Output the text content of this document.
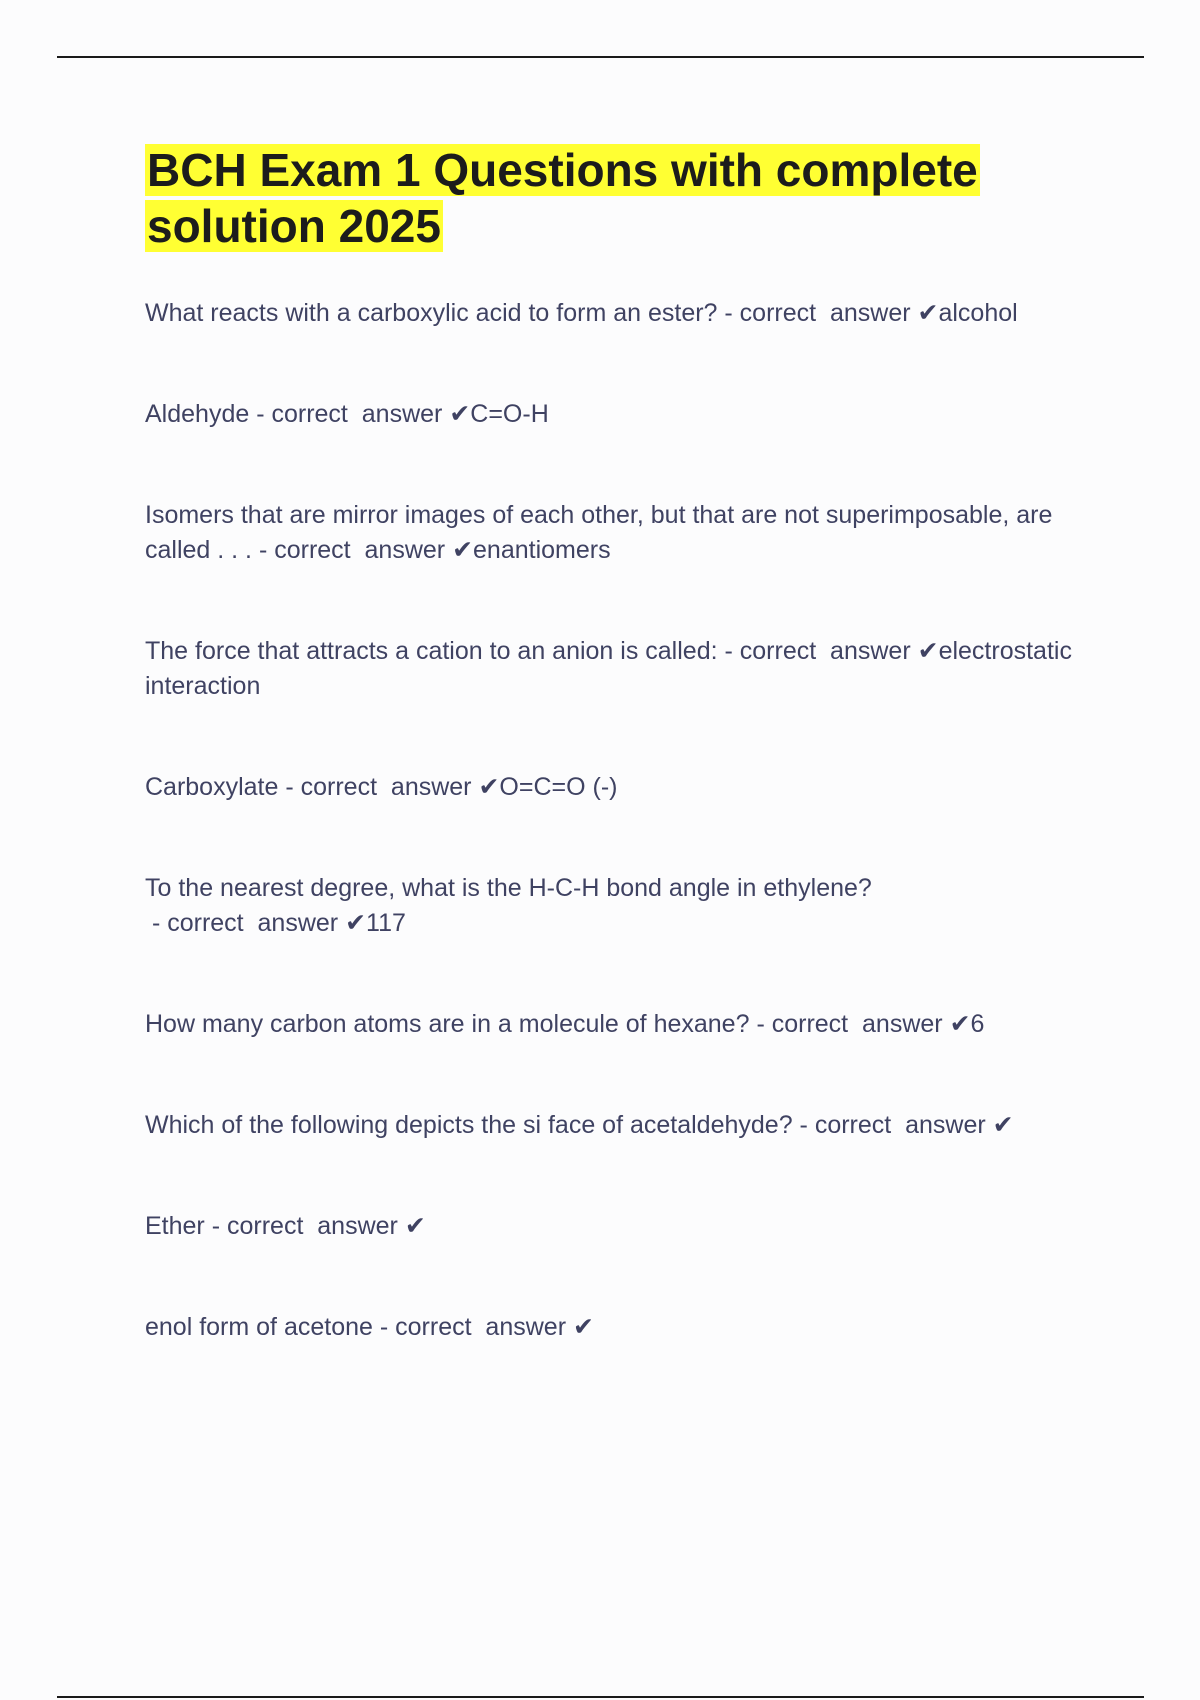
BCH Exam 1 Questions with complete
solution 2025

What reacts with a carboxylic acid to form an ester? - correct  answer ✔alcohol

Aldehyde - correct  answer ✔C=O-H

Isomers that are mirror images of each other, but that are not superimposable, are called . . . - correct  answer ✔enantiomers

The force that attracts a cation to an anion is called: - correct  answer ✔electrostatic interaction

Carboxylate - correct  answer ✔O=C=O (-)

To the nearest degree, what is the H-C-H bond angle in ethylene? - correct  answer ✔117

How many carbon atoms are in a molecule of hexane? - correct  answer ✔6

Which of the following depicts the si face of acetaldehyde? - correct  answer ✔

Ether - correct  answer ✔

enol form of acetone - correct  answer ✔
